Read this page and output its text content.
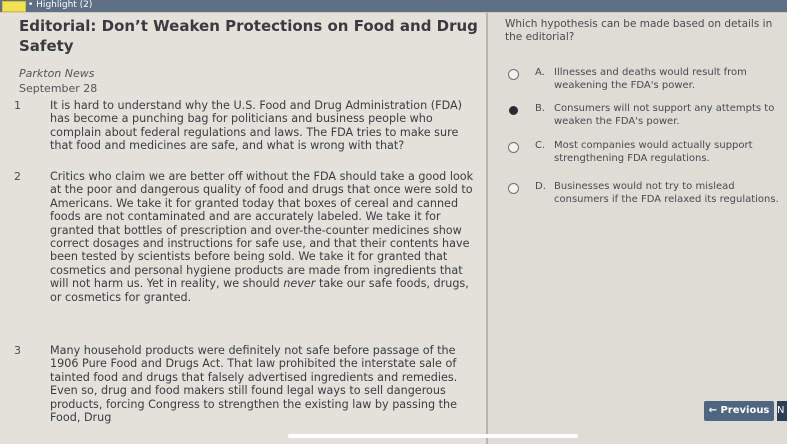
• Highlight (2)
Editorial: Don’t Weaken Protections on Food and Drug
Safety
Parkton News
September 28
1	It is hard to understand why the U.S. Food and Drug Administration (FDA) has become a punching bag for politicians and business people who complain about federal regulations and laws. The FDA tries to make sure that food and medicines are safe, and what is wrong with that?

2	Critics who claim we are better off without the FDA should take a good look at the poor and dangerous quality of food and drugs that once were sold to Americans. We take it for granted today that boxes of cereal and canned foods are not contaminated and are accurately labeled. We take it for granted that bottles of prescription and over-the-counter medicines show correct dosages and instructions for safe use, and that their contents have been tested by scientists before being sold. We take it for granted that cosmetics and personal hygiene products are made from ingredients that will not harm us. Yet in reality, we should never take our safe foods, drugs, or cosmetics for granted.

3	Many household products were definitely not safe before passage of the 1906 Pure Food and Drugs Act. That law prohibited the interstate sale of tainted food and drugs that falsely advertised ingredients and remedies. Even so, drug and food makers still found legal ways to sell dangerous products, forcing Congress to strengthen the existing law by passing the Food, Drug

Which hypothesis can be made based on details in the editorial?
A. Illnesses and deaths would result from weakening the FDA's power.
B. Consumers will not support any attempts to weaken the FDA's power.
C. Most companies would actually support strengthening FDA regulations.
D. Businesses would not try to mislead consumers if the FDA relaxed its regulations.
← Previous N
